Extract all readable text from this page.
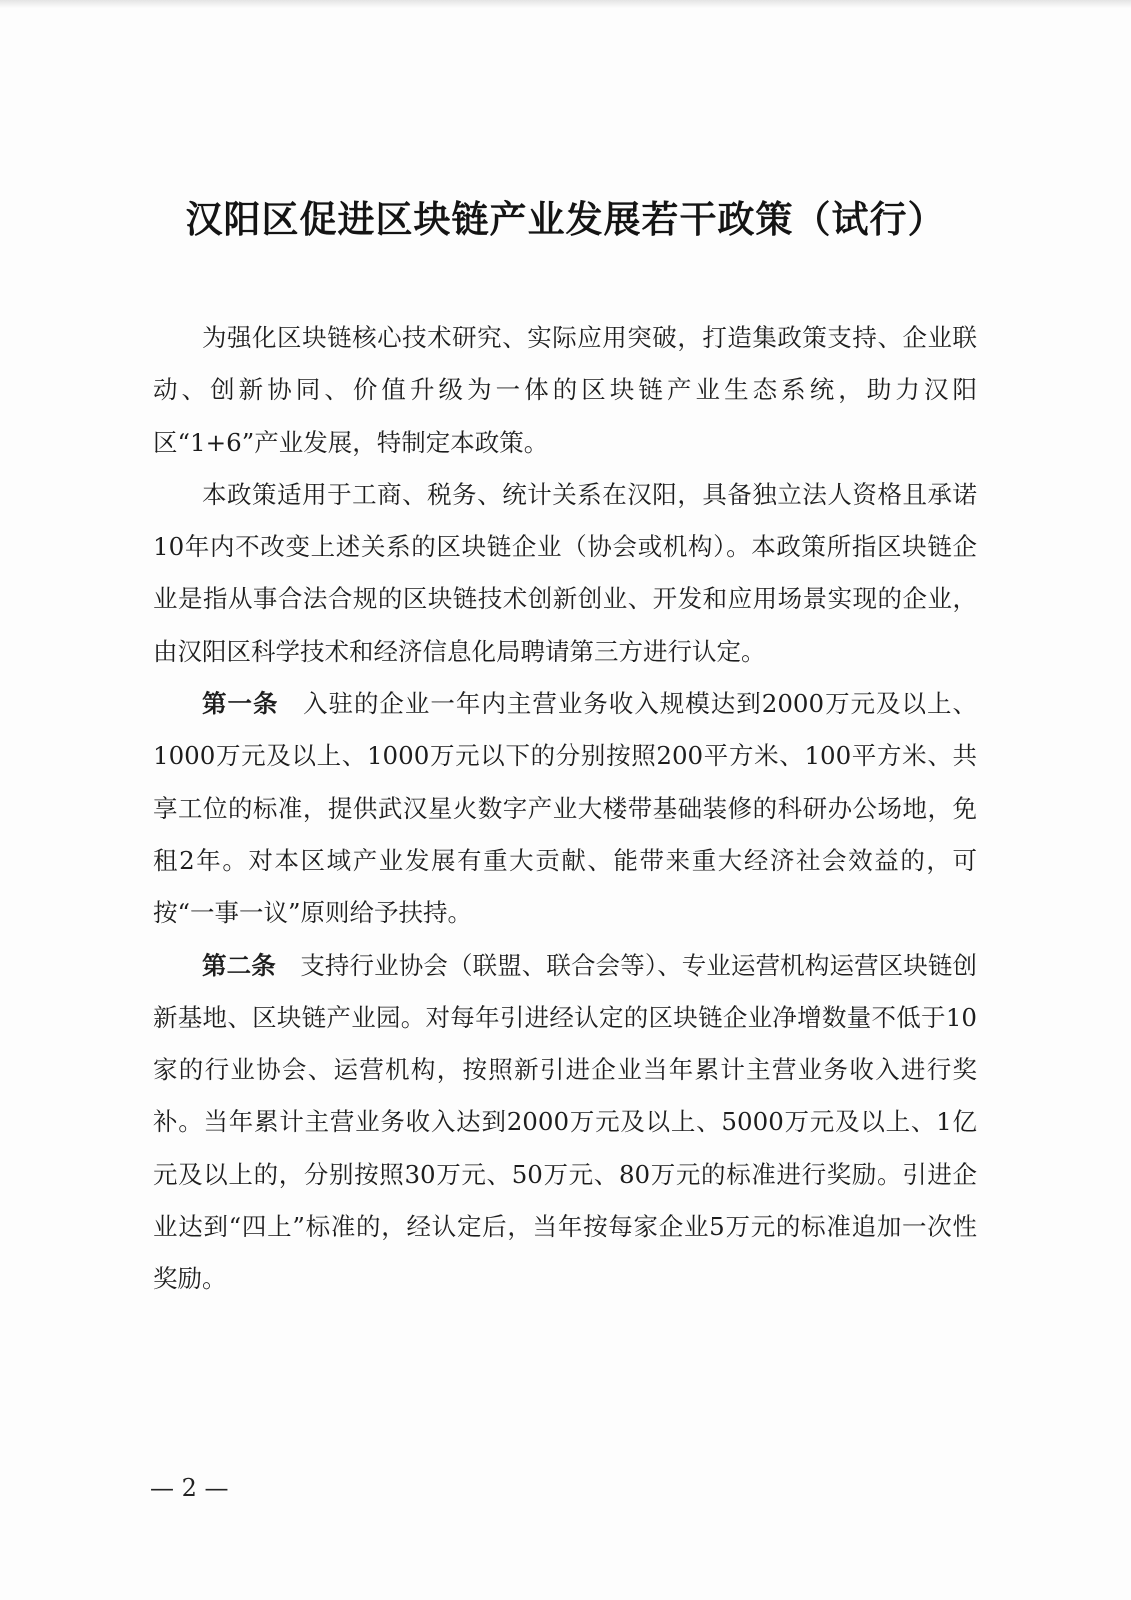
汉阳区促进区块链产业发展若干政策（试行）

为强化区块链核心技术研究、实际应用突破，打造集政策支持、企业联动、创新协同、价值升级为一体的区块链产业生态系统，助力汉阳区“1+6”产业发展，特制定本政策。

本政策适用于工商、税务、统计关系在汉阳，具备独立法人资格且承诺10年内不改变上述关系的区块链企业（协会或机构）。本政策所指区块链企业是指从事合法合规的区块链技术创新创业、开发和应用场景实现的企业，由汉阳区科学技术和经济信息化局聘请第三方进行认定。

第一条 入驻的企业一年内主营业务收入规模达到2000万元及以上、1000万元及以上、1000万元以下的分别按照200平方米、100平方米、共享工位的标准，提供武汉星火数字产业大楼带基础装修的科研办公场地，免租2年。对本区域产业发展有重大贡献、能带来重大经济社会效益的，可按“一事一议”原则给予扶持。

第二条 支持行业协会（联盟、联合会等）、专业运营机构运营区块链创新基地、区块链产业园。对每年引进经认定的区块链企业净增数量不低于10家的行业协会、运营机构，按照新引进企业当年累计主营业务收入进行奖补。当年累计主营业务收入达到2000万元及以上、5000万元及以上、1亿元及以上的，分别按照30万元、50万元、80万元的标准进行奖励。引进企业达到“四上”标准的，经认定后，当年按每家企业5万元的标准追加一次性奖励。

— 2 —
